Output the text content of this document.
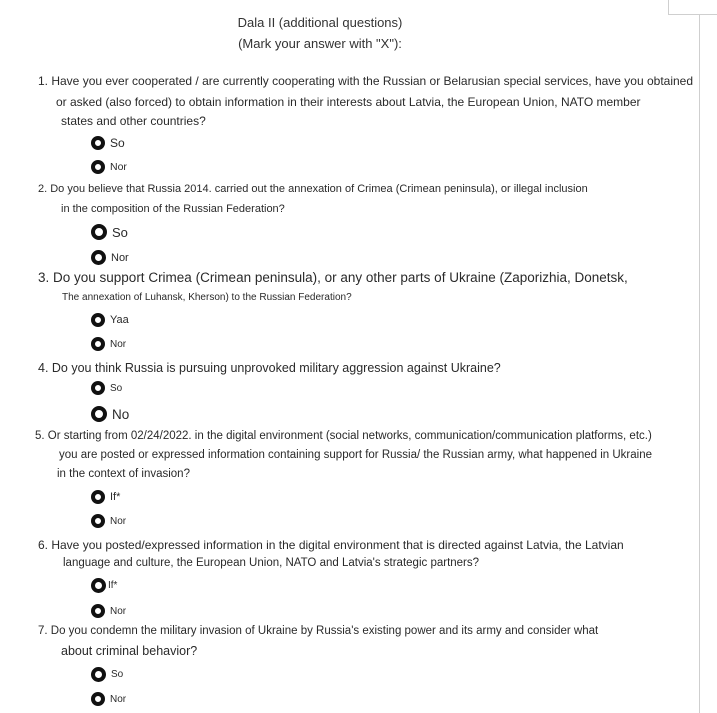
Dala II (additional questions)
(Mark your answer with "X"):
1. Have you ever cooperated / are currently cooperating with the Russian or Belarusian special services, have you obtained
or asked (also forced) to obtain information in their interests about Latvia, the European Union, NATO member
states and other countries?
So
Nor
2. Do you believe that Russia 2014. carried out the annexation of Crimea (Crimean peninsula), or illegal inclusion
in the composition of the Russian Federation?
So
Nor
3. Do you support Crimea (Crimean peninsula), or any other parts of Ukraine (Zaporizhia, Donetsk,
The annexation of Luhansk, Kherson) to the Russian Federation?
Yaa
Nor
4. Do you think Russia is pursuing unprovoked military aggression against Ukraine?
So
No
5. Or starting from 02/24/2022. in the digital environment (social networks, communication/communication platforms, etc.)
you are posted or expressed information containing support for Russia/ the Russian army, what happened in Ukraine
in the context of invasion?
If*
Nor
6. Have you posted/expressed information in the digital environment that is directed against Latvia, the Latvian
language and culture, the European Union, NATO and Latvia's strategic partners?
If*
Nor
7. Do you condemn the military invasion of Ukraine by Russia's existing power and its army and consider what
about criminal behavior?
So
Nor
